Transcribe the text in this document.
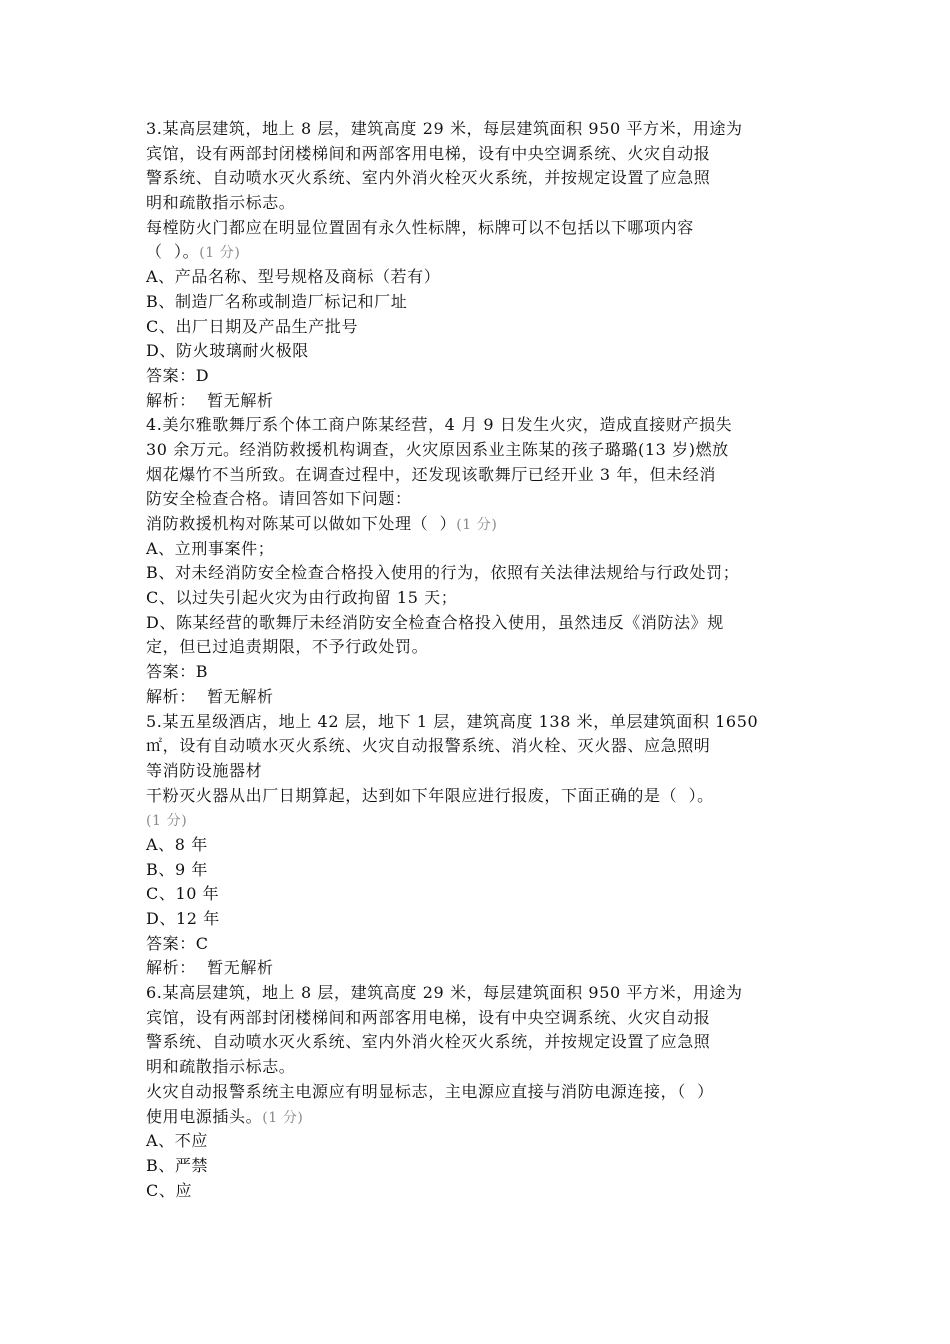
3.某高层建筑，地上 8 层，建筑高度 29 米，每层建筑面积 950 平方米，用途为
宾馆，设有两部封闭楼梯间和两部客用电梯，设有中央空调系统、火灾自动报
警系统、自动喷水灭火系统、室内外消火栓灭火系统，并按规定设置了应急照
明和疏散指示标志。
每樘防火门都应在明显位置固有永久性标牌，标牌可以不包括以下哪项内容
（  ）。(1 分)
A、产品名称、型号规格及商标（若有）
B、制造厂名称或制造厂标记和厂址
C、出厂日期及产品生产批号
D、防火玻璃耐火极限
答案：D
解析：  暂无解析
4.美尔雅歌舞厅系个体工商户陈某经营，4 月 9 日发生火灾，造成直接财产损失
30 余万元。经消防救援机构调查，火灾原因系业主陈某的孩子璐璐(13 岁)燃放
烟花爆竹不当所致。在调查过程中，还发现该歌舞厅已经开业 3 年，但未经消
防安全检查合格。请回答如下问题：
消防救援机构对陈某可以做如下处理（  ）(1 分)
A、立刑事案件；
B、对未经消防安全检查合格投入使用的行为，依照有关法律法规给与行政处罚；
C、以过失引起火灾为由行政拘留 15 天；
D、陈某经营的歌舞厅未经消防安全检查合格投入使用，虽然违反《消防法》规
定，但已过追责期限，不予行政处罚。
答案：B
解析：  暂无解析
5.某五星级酒店，地上 42 层，地下 1 层，建筑高度 138 米，单层建筑面积 1650
㎡，设有自动喷水灭火系统、火灾自动报警系统、消火栓、灭火器、应急照明
等消防设施器材
干粉灭火器从出厂日期算起，达到如下年限应进行报废，下面正确的是（  ）。
(1 分)
A、8 年
B、9 年
C、10 年
D、12 年
答案：C
解析：  暂无解析
6.某高层建筑，地上 8 层，建筑高度 29 米，每层建筑面积 950 平方米，用途为
宾馆，设有两部封闭楼梯间和两部客用电梯，设有中央空调系统、火灾自动报
警系统、自动喷水灭火系统、室内外消火栓灭火系统，并按规定设置了应急照
明和疏散指示标志。
火灾自动报警系统主电源应有明显标志，主电源应直接与消防电源连接，（  ）
使用电源插头。(1 分)
A、不应
B、严禁
C、应
